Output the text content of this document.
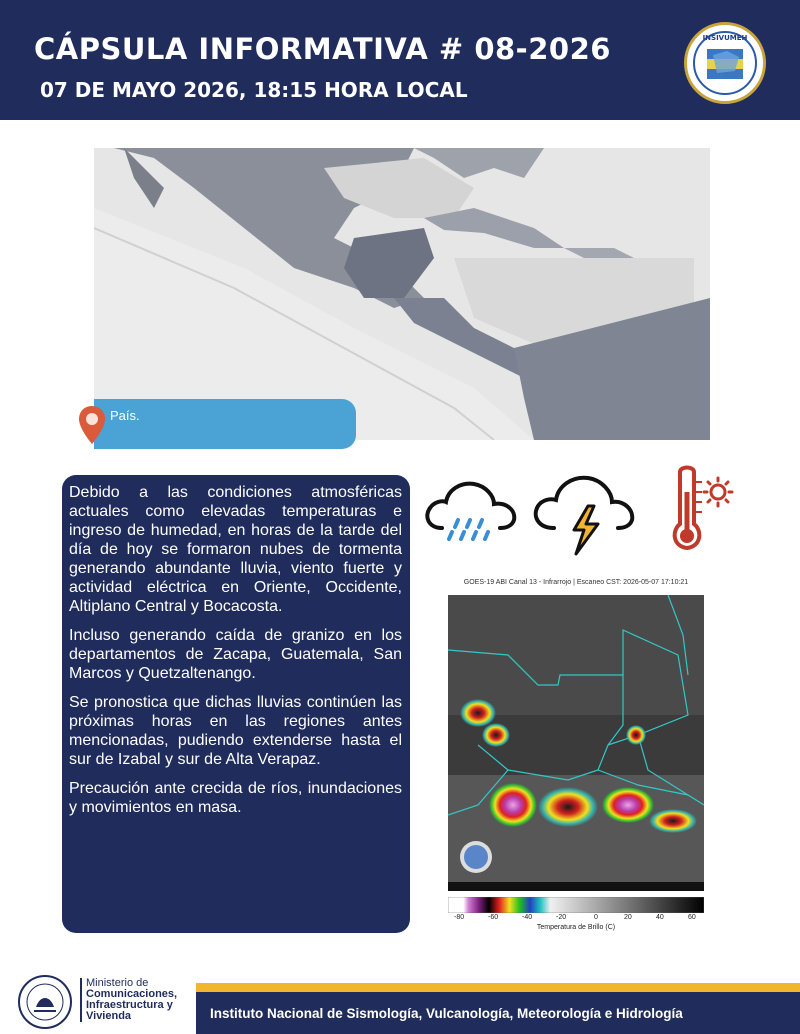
CÁPSULA INFORMATIVA # 08-2026
07 DE MAYO 2026, 18:15 HORA LOCAL
INSIVUMEH
País.

Debido a las condiciones atmosféricas actuales como elevadas temperaturas e ingreso de humedad, en horas de la tarde del día de hoy se formaron nubes de tormenta generando abundante lluvia, viento fuerte y actividad eléctrica en Oriente, Occidente, Altiplano Central y Bocacosta.

Incluso generando caída de granizo en los departamentos de Zacapa, Guatemala, San Marcos y Quetzaltenango.

Se pronostica que dichas lluvias continúen las próximas horas en las regiones antes mencionadas, pudiendo extenderse hasta el sur de Izabal y sur de Alta Verapaz.

Precaución ante crecida de ríos, inundaciones y movimientos en masa.

GOES-19 ABI Canal 13 - Infrarrojo | Escaneo CST: 2026-05-07 17:10:21
-80	-60	-40	-20	0	20	40	60
Temperatura de Brillo (C)
Ministerio de
Comunicaciones,
Infraestructura y
Vivienda	Instituto Nacional de Sismología, Vulcanología, Meteorología e Hidrología
